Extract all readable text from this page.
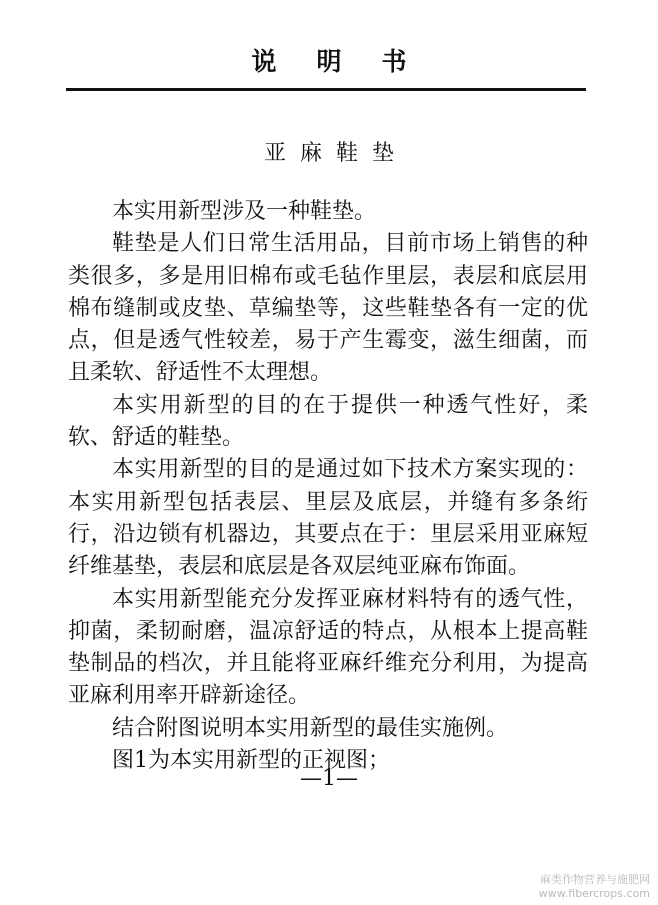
说明书
亚麻鞋垫

本实用新型涉及一种鞋垫。

鞋垫是人们日常生活用品，目前市场上销售的种类很多，多是用旧棉布或毛毡作里层，表层和底层用棉布缝制或皮垫、草编垫等，这些鞋垫各有一定的优点，但是透气性较差，易于产生霉变，滋生细菌，而且柔软、舒适性不太理想。

本实用新型的目的在于提供一种透气性好，柔软、舒适的鞋垫。

本实用新型的目的是通过如下技术方案实现的：本实用新型包括表层、里层及底层，并缝有多条绗行，沿边锁有机器边，其要点在于：里层采用亚麻短纤维基垫，表层和底层是各双层纯亚麻布饰面。

本实用新型能充分发挥亚麻材料特有的透气性，抑菌，柔韧耐磨，温凉舒适的特点，从根本上提高鞋垫制品的档次，并且能将亚麻纤维充分利用，为提高亚麻利用率开辟新途径。

结合附图说明本实用新型的最佳实施例。

图1为本实用新型的正视图；

—1—
麻类作物营养与施肥网
www.fibercrops.com
